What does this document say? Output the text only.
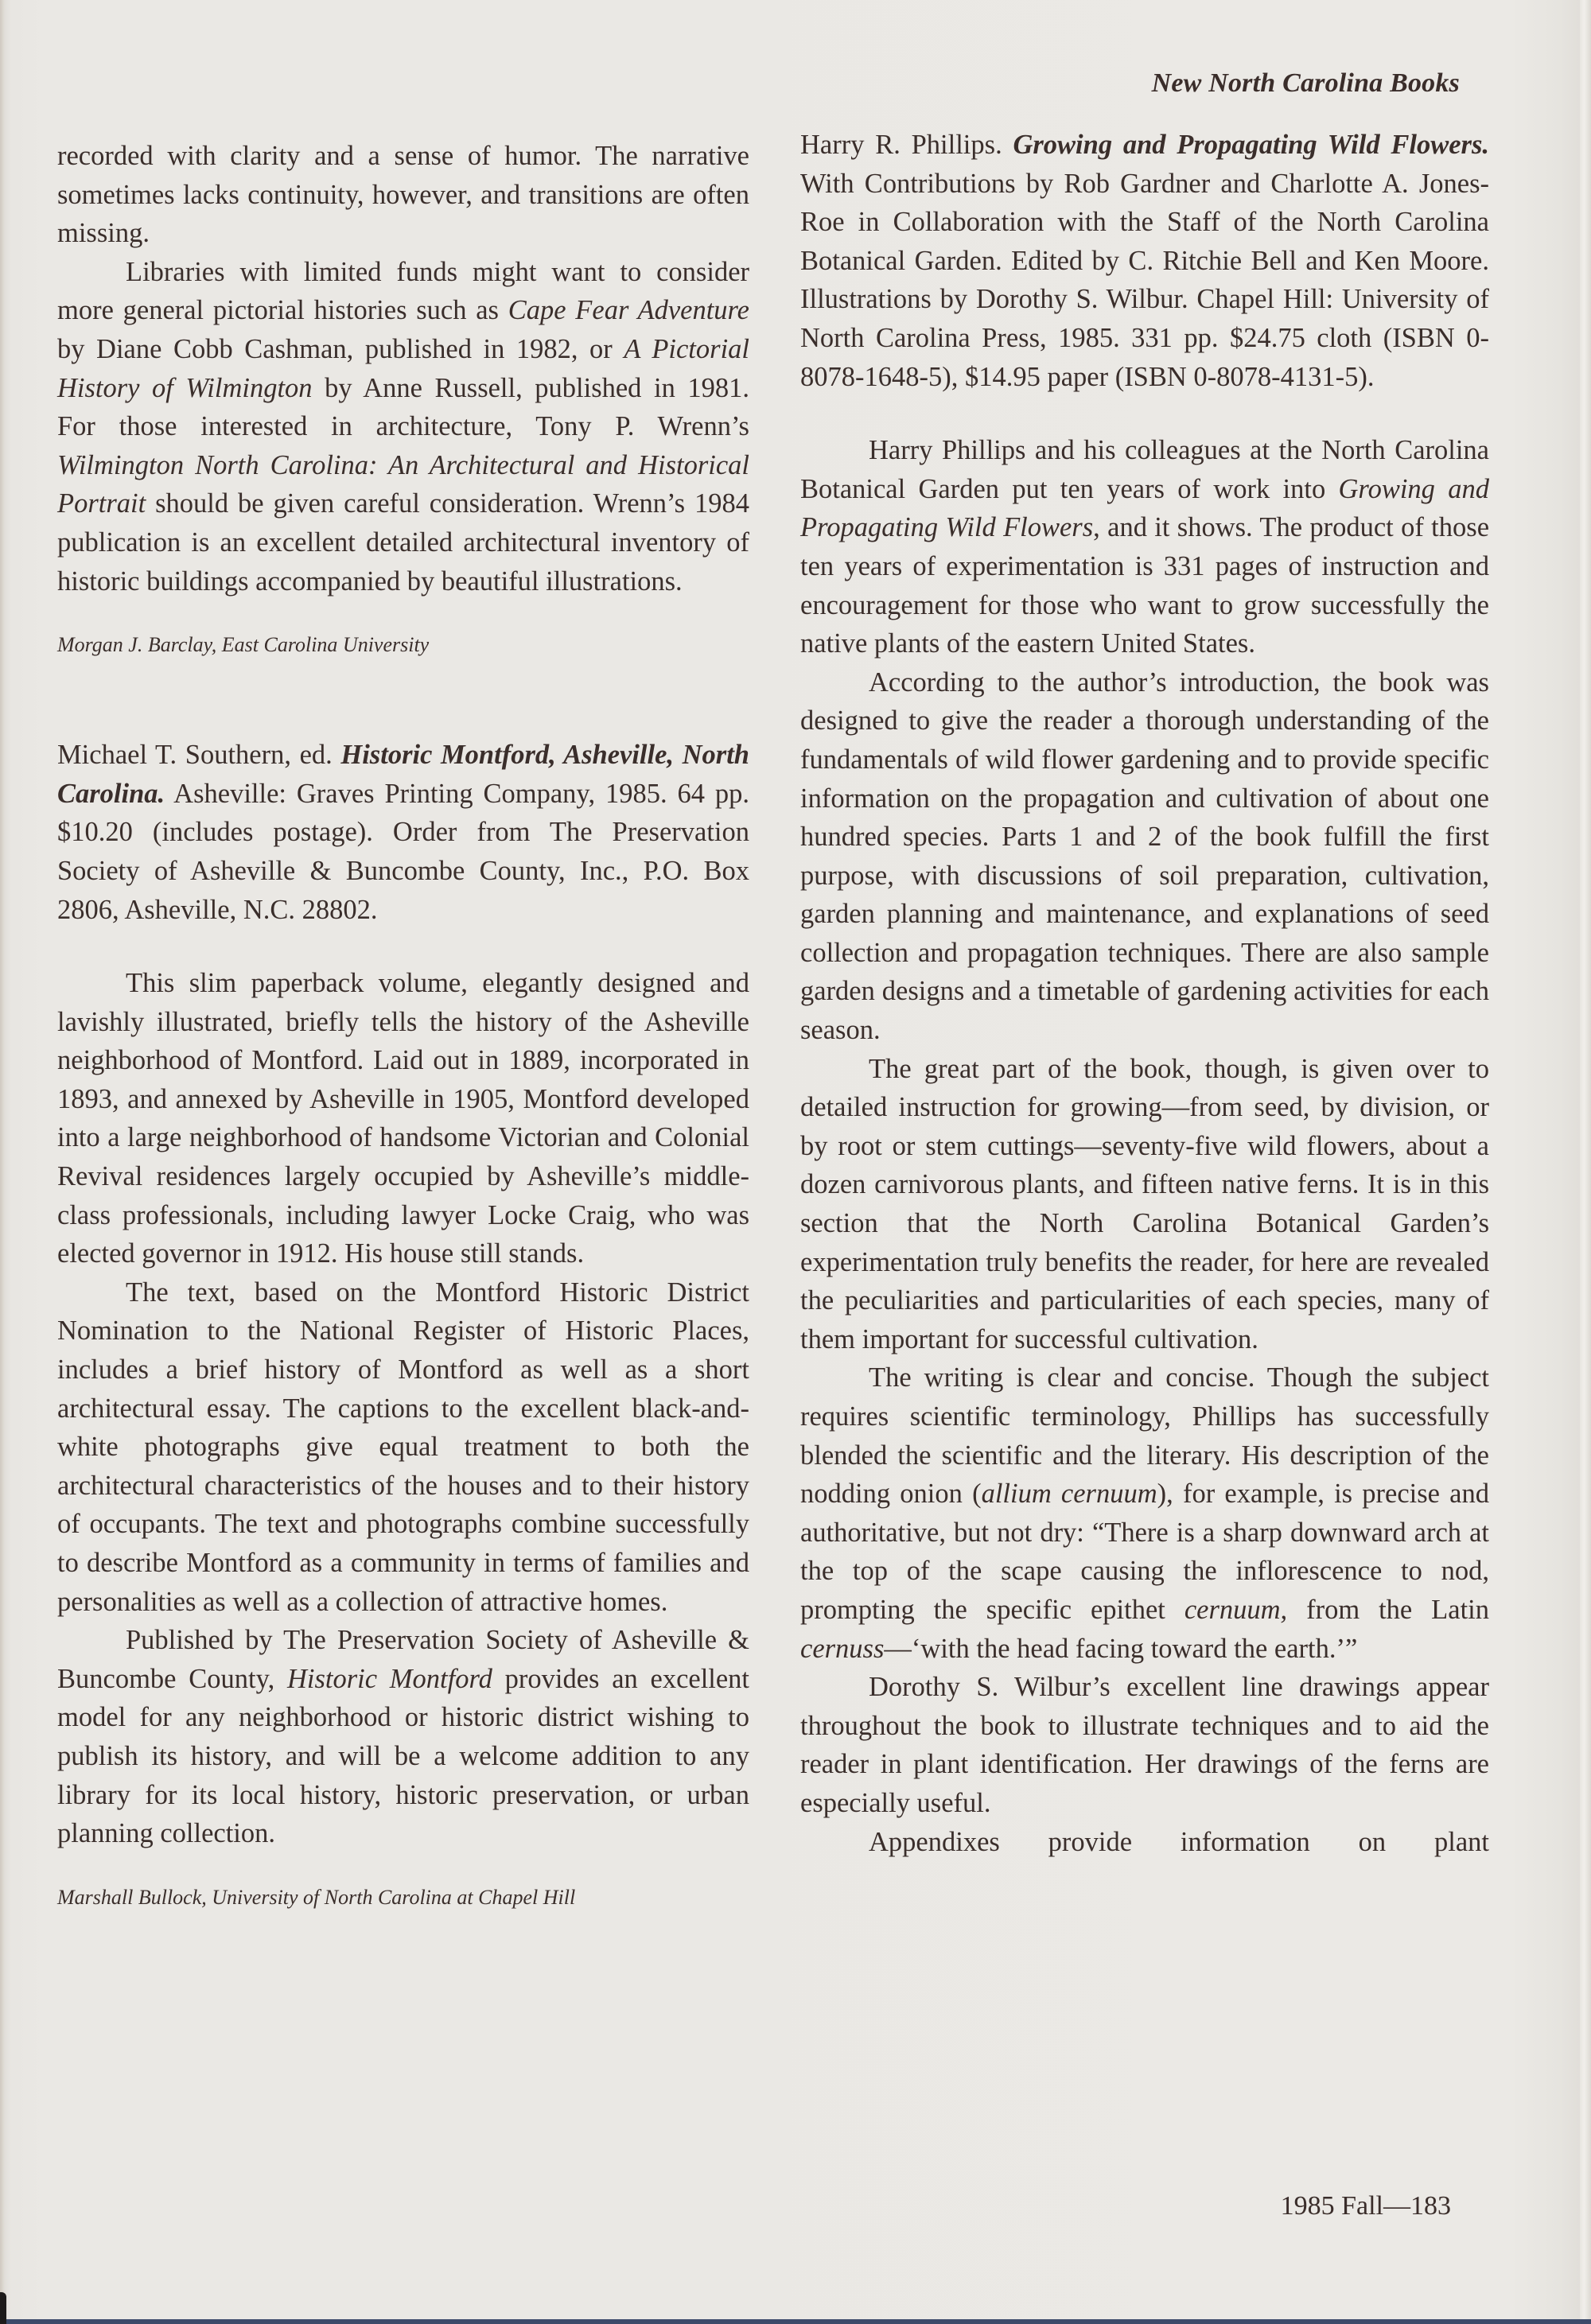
New North Carolina Books

recorded with clarity and a sense of humor. The narrative sometimes lacks continuity, however, and transitions are often missing.

Libraries with limited funds might want to consider more general pictorial histories such as Cape Fear Adventure by Diane Cobb Cashman, published in 1982, or A Pictorial History of Wilmington by Anne Russell, published in 1981. For those interested in architecture, Tony P. Wrenn’s Wilmington North Carolina: An Architectural and Historical Portrait should be given careful consideration. Wrenn’s 1984 publication is an excellent detailed architectural inventory of historic buildings accompanied by beautiful illustrations.

Morgan J. Barclay, East Carolina University

Michael T. Southern, ed. Historic Montford, Asheville, North Carolina. Asheville: Graves Printing Company, 1985. 64 pp. $10.20 (includes postage). Order from The Preservation Society of Asheville & Buncombe County, Inc., P.O. Box 2806, Asheville, N.C. 28802.

This slim paperback volume, elegantly designed and lavishly illustrated, briefly tells the history of the Asheville neighborhood of Montford. Laid out in 1889, incorporated in 1893, and annexed by Asheville in 1905, Montford developed into a large neighborhood of handsome Victorian and Colonial Revival residences largely occupied by Asheville’s middle-class professionals, including lawyer Locke Craig, who was elected governor in 1912. His house still stands.

The text, based on the Montford Historic District Nomination to the National Register of Historic Places, includes a brief history of Montford as well as a short architectural essay. The captions to the excellent black-and-white photographs give equal treatment to both the architectural characteristics of the houses and to their history of occupants. The text and photographs combine successfully to describe Montford as a community in terms of families and personalities as well as a collection of attractive homes.

Published by The Preservation Society of Asheville & Buncombe County, Historic Montford provides an excellent model for any neighborhood or historic district wishing to publish its history, and will be a welcome addition to any library for its local history, historic preservation, or urban planning collection.

Marshall Bullock, University of North Carolina at Chapel Hill

Harry R. Phillips. Growing and Propagating Wild Flowers. With Contributions by Rob Gardner and Charlotte A. Jones-Roe in Collaboration with the Staff of the North Carolina Botanical Garden. Edited by C. Ritchie Bell and Ken Moore. Illustrations by Dorothy S. Wilbur. Chapel Hill: University of North Carolina Press, 1985. 331 pp. $24.75 cloth (ISBN 0-8078-1648-5), $14.95 paper (ISBN 0-8078-4131-5).

Harry Phillips and his colleagues at the North Carolina Botanical Garden put ten years of work into Growing and Propagating Wild Flowers, and it shows. The product of those ten years of experimentation is 331 pages of instruction and encouragement for those who want to grow successfully the native plants of the eastern United States.

According to the author’s introduction, the book was designed to give the reader a thorough understanding of the fundamentals of wild flower gardening and to provide specific information on the propagation and cultivation of about one hundred species. Parts 1 and 2 of the book fulfill the first purpose, with discussions of soil preparation, cultivation, garden planning and maintenance, and explanations of seed collection and propagation techniques. There are also sample garden designs and a timetable of gardening activities for each season.

The great part of the book, though, is given over to detailed instruction for growing—from seed, by division, or by root or stem cuttings—seventy-five wild flowers, about a dozen carnivorous plants, and fifteen native ferns. It is in this section that the North Carolina Botanical Garden’s experimentation truly benefits the reader, for here are revealed the peculiarities and particularities of each species, many of them important for successful cultivation.

The writing is clear and concise. Though the subject requires scientific terminology, Phillips has successfully blended the scientific and the literary. His description of the nodding onion (allium cernuum), for example, is precise and authoritative, but not dry: “There is a sharp downward arch at the top of the scape causing the inflorescence to nod, prompting the specific epithet cernuum, from the Latin cernuss—‘with the head facing toward the earth.’”

Dorothy S. Wilbur’s excellent line drawings appear throughout the book to illustrate techniques and to aid the reader in plant identification. Her drawings of the ferns are especially useful.

Appendixes provide information on plant

1985 Fall—183
